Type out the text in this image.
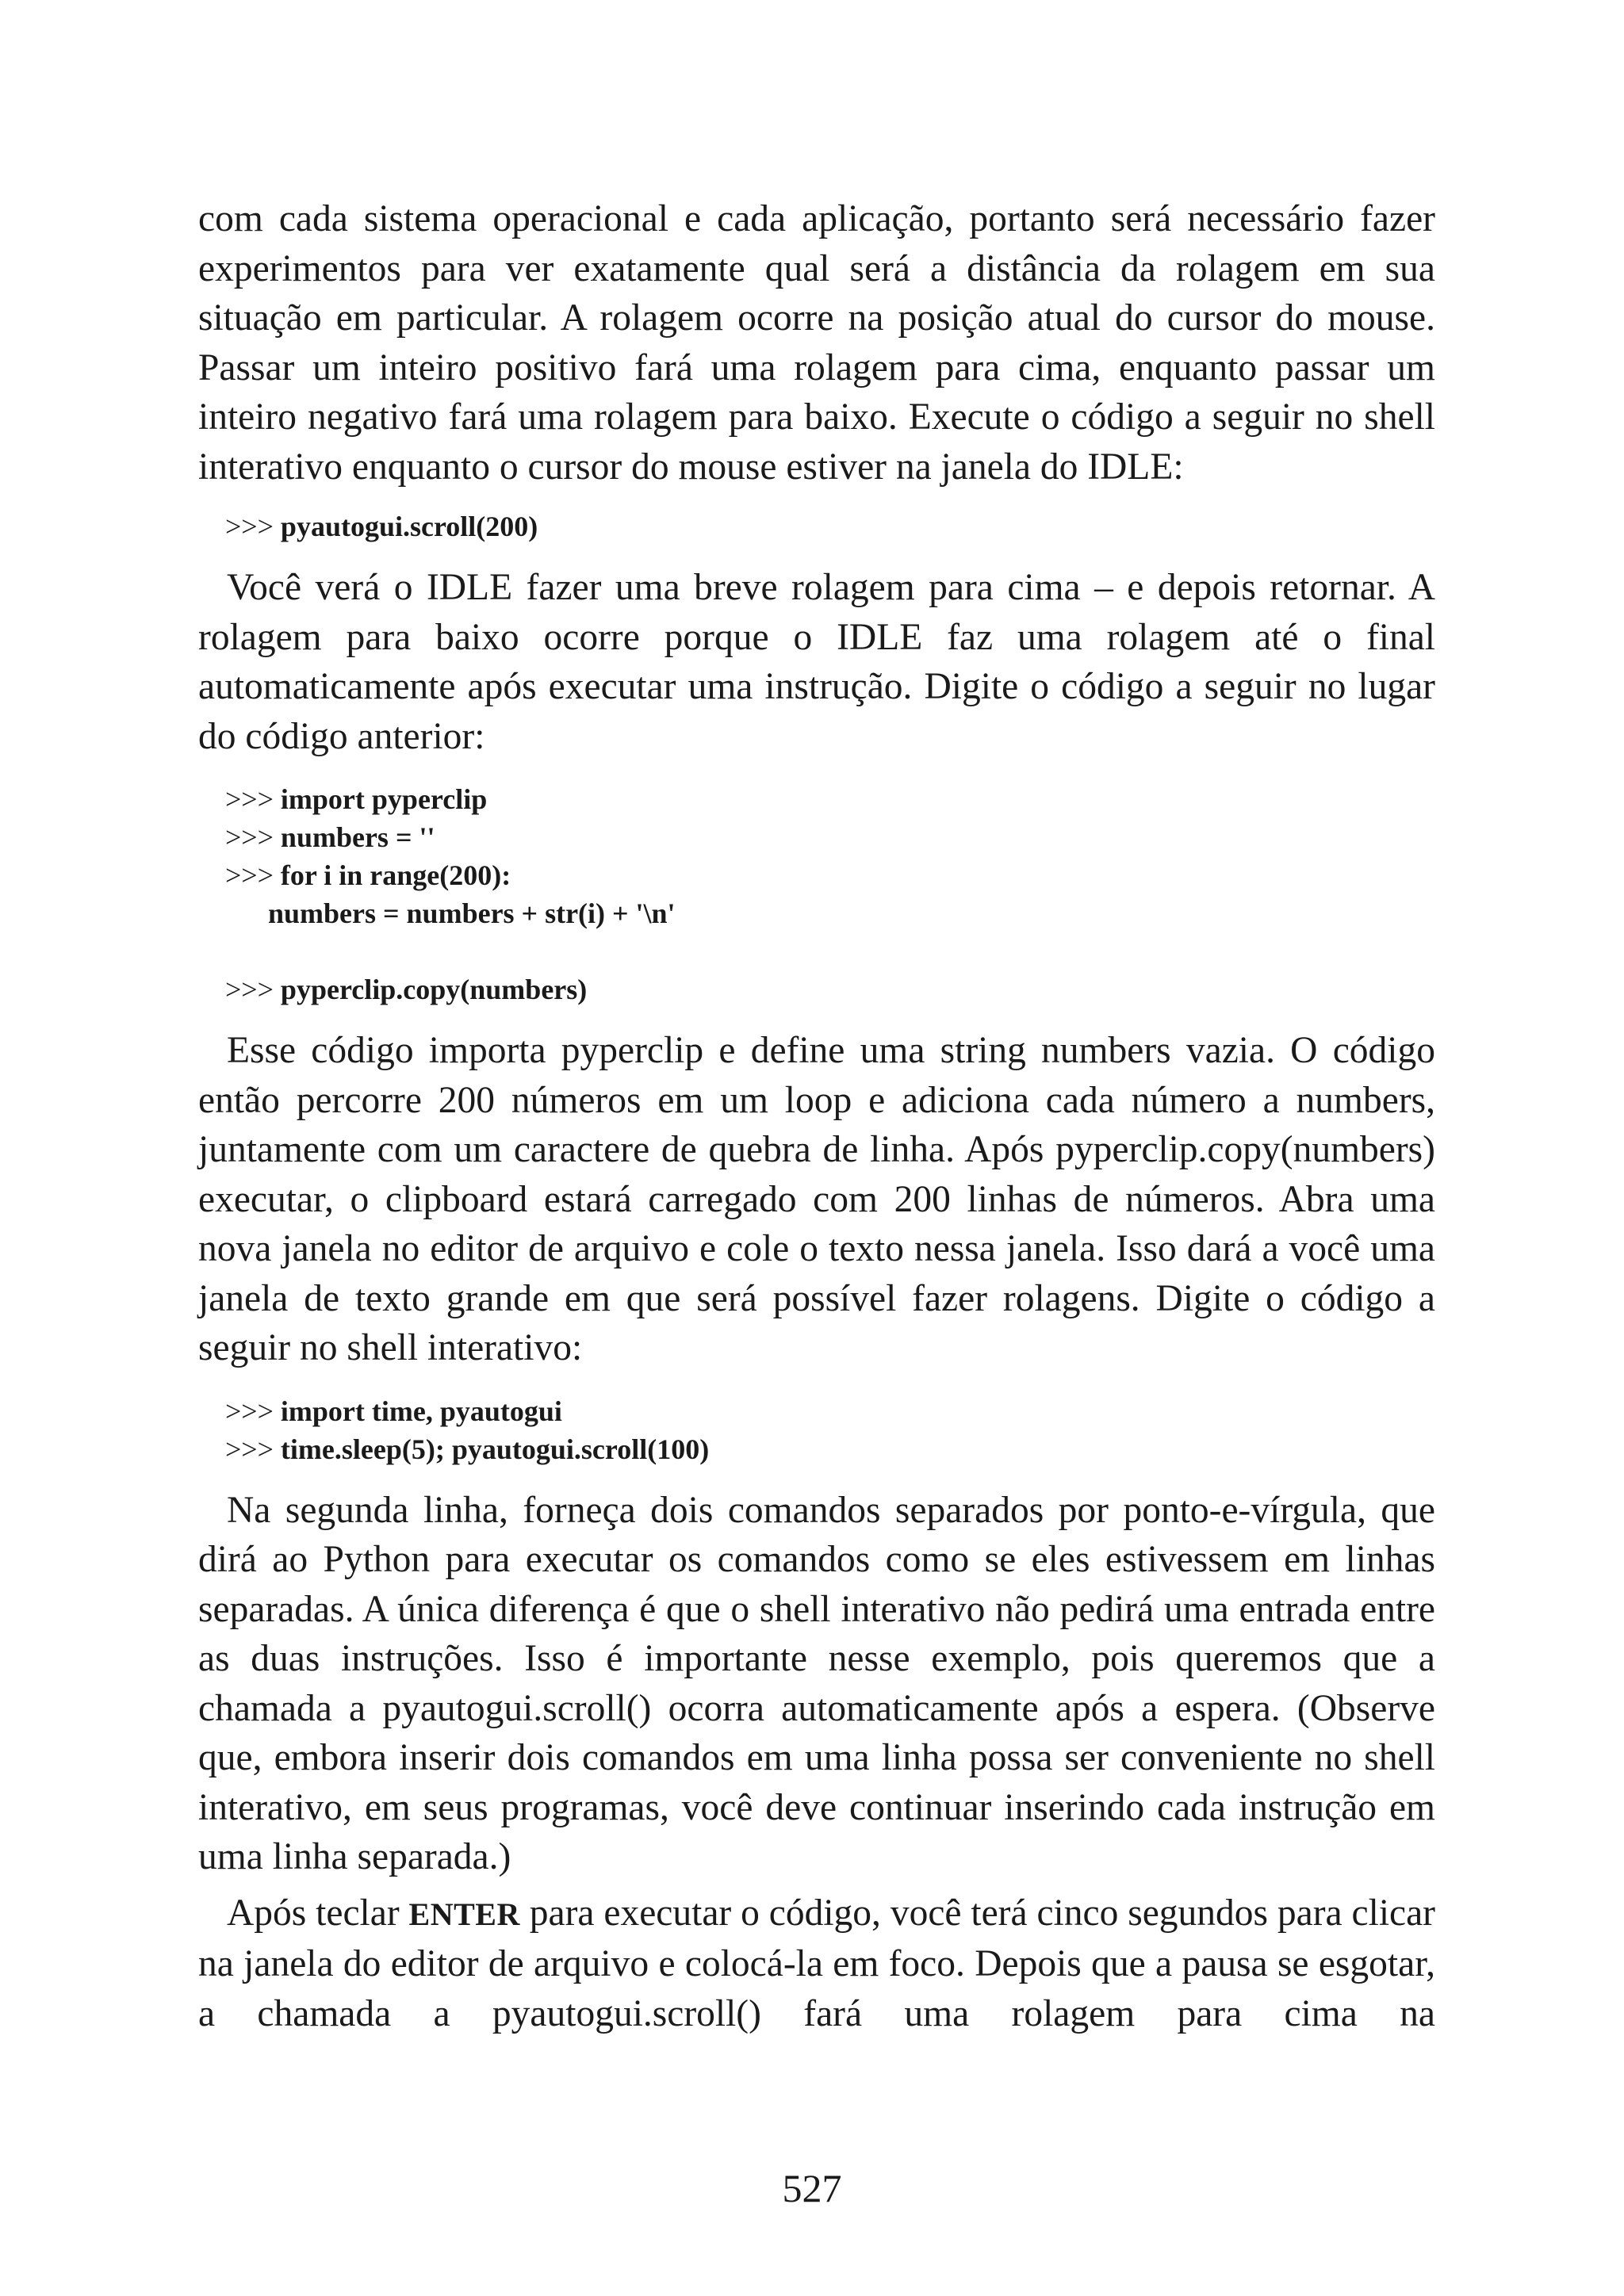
com cada sistema operacional e cada aplicação, portanto será necessário fazer experimentos para ver exatamente qual será a distância da rolagem em sua situação em particular. A rolagem ocorre na posição atual do cursor do mouse. Passar um inteiro positivo fará uma rolagem para cima, enquanto passar um inteiro negativo fará uma rolagem para baixo. Execute o código a seguir no shell interativo enquanto o cursor do mouse estiver na janela do IDLE:

>>> pyautogui.scroll(200)

Você verá o IDLE fazer uma breve rolagem para cima – e depois retornar. A rolagem para baixo ocorre porque o IDLE faz uma rolagem até o final automaticamente após executar uma instrução. Digite o código a seguir no lugar do código anterior:

>>> import pyperclip
>>> numbers = ''
>>> for i in range(200):
numbers = numbers + str(i) + '\n'
>>> pyperclip.copy(numbers)

Esse código importa pyperclip e define uma string numbers vazia. O código então percorre 200 números em um loop e adiciona cada número a numbers, juntamente com um caractere de quebra de linha. Após pyperclip.copy(numbers) executar, o clipboard estará carregado com 200 linhas de números. Abra uma nova janela no editor de arquivo e cole o texto nessa janela. Isso dará a você uma janela de texto grande em que será possível fazer rolagens. Digite o código a seguir no shell interativo:

>>> import time, pyautogui
>>> time.sleep(5); pyautogui.scroll(100)

Na segunda linha, forneça dois comandos separados por ponto-e-vírgula, que dirá ao Python para executar os comandos como se eles estivessem em linhas separadas. A única diferença é que o shell interativo não pedirá uma entrada entre as duas instruções. Isso é importante nesse exemplo, pois queremos que a chamada a pyautogui.scroll() ocorra automaticamente após a espera. (Observe que, embora inserir dois comandos em uma linha possa ser conveniente no shell interativo, em seus programas, você deve continuar inserindo cada instrução em uma linha separada.)

Após teclar ENTER para executar o código, você terá cinco segundos para clicar na janela do editor de arquivo e colocá-la em foco. Depois que a pausa se esgotar, a chamada a pyautogui.scroll() fará uma rolagem para cima na

527
